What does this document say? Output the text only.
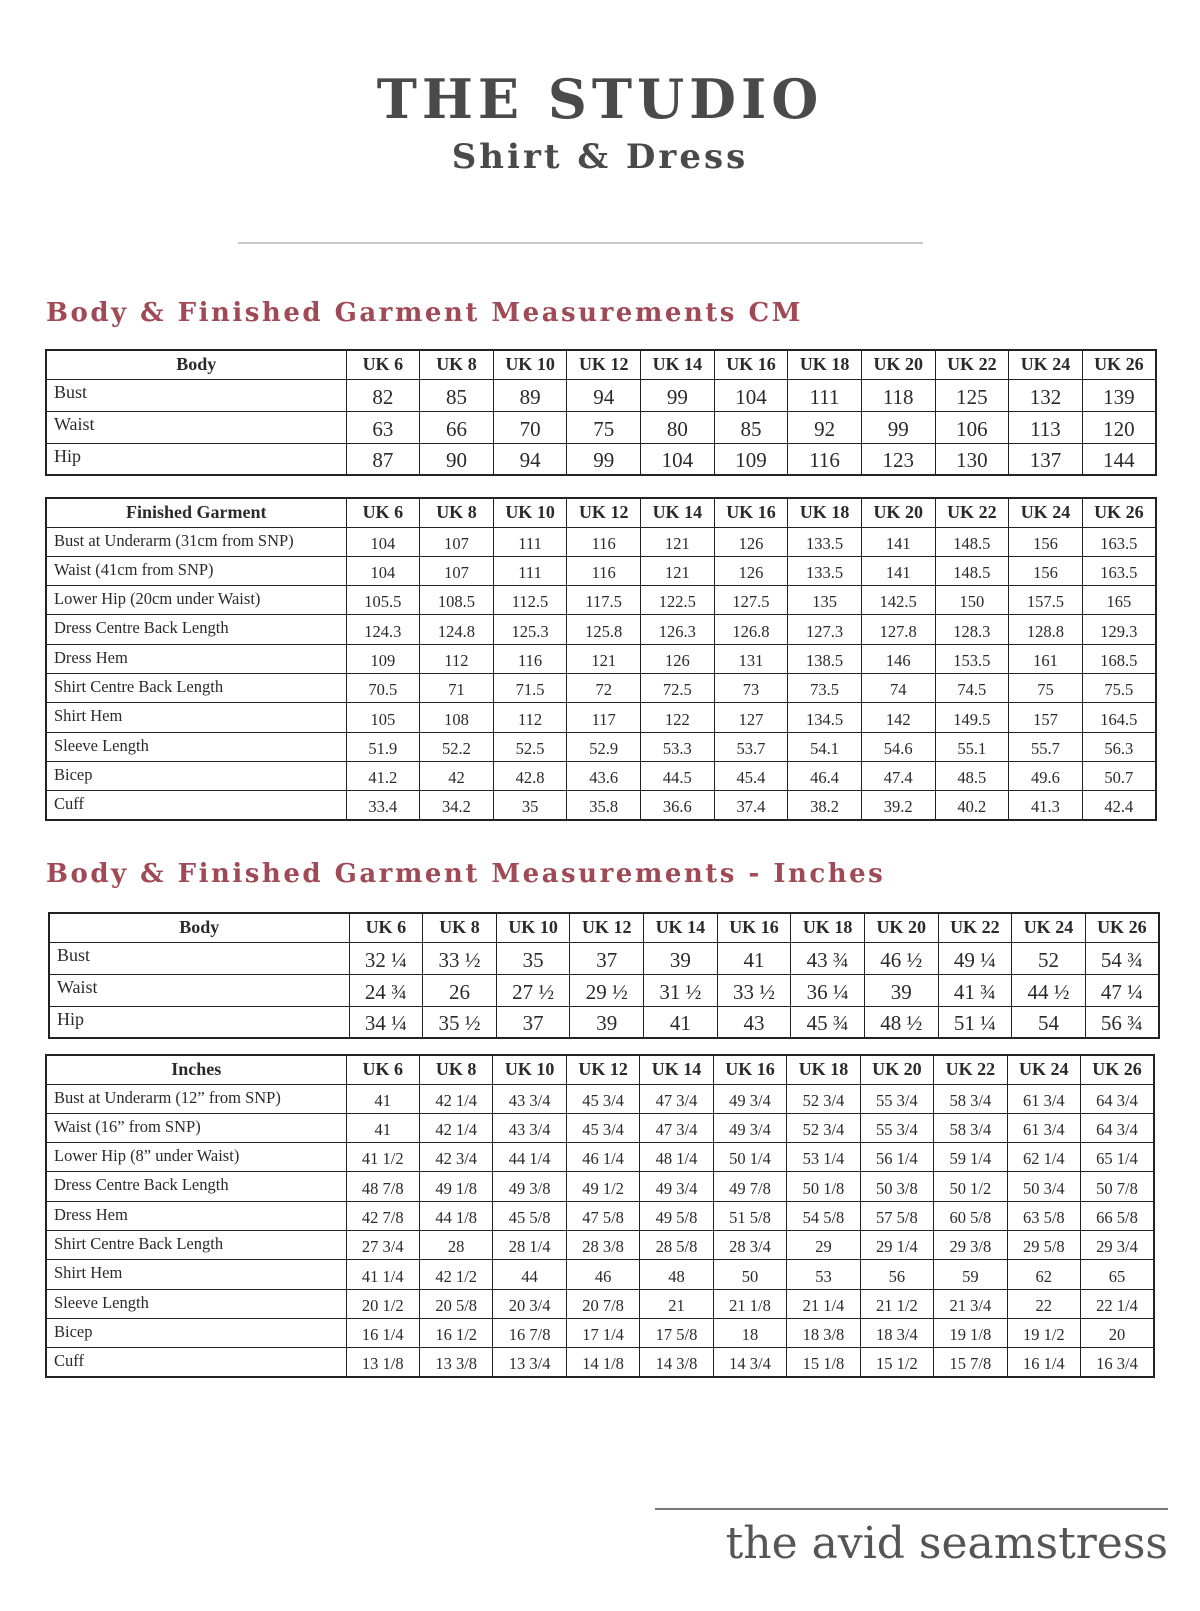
THE STUDIO
Shirt & Dress
Body & Finished Garment Measurements CM
Body	UK 6	UK 8	UK 10	UK 12	UK 14	UK 16	UK 18	UK 20	UK 22	UK 24	UK 26
Bust	82	85	89	94	99	104	111	118	125	132	139
Waist	63	66	70	75	80	85	92	99	106	113	120
Hip	87	90	94	99	104	109	116	123	130	137	144
Finished Garment	UK 6	UK 8	UK 10	UK 12	UK 14	UK 16	UK 18	UK 20	UK 22	UK 24	UK 26
Bust at Underarm (31cm from SNP)	104	107	111	116	121	126	133.5	141	148.5	156	163.5
Waist (41cm from SNP)	104	107	111	116	121	126	133.5	141	148.5	156	163.5
Lower Hip (20cm under Waist)	105.5	108.5	112.5	117.5	122.5	127.5	135	142.5	150	157.5	165
Dress Centre Back Length	124.3	124.8	125.3	125.8	126.3	126.8	127.3	127.8	128.3	128.8	129.3
Dress Hem	109	112	116	121	126	131	138.5	146	153.5	161	168.5
Shirt Centre Back Length	70.5	71	71.5	72	72.5	73	73.5	74	74.5	75	75.5
Shirt Hem	105	108	112	117	122	127	134.5	142	149.5	157	164.5
Sleeve Length	51.9	52.2	52.5	52.9	53.3	53.7	54.1	54.6	55.1	55.7	56.3
Bicep	41.2	42	42.8	43.6	44.5	45.4	46.4	47.4	48.5	49.6	50.7
Cuff	33.4	34.2	35	35.8	36.6	37.4	38.2	39.2	40.2	41.3	42.4
Body & Finished Garment Measurements - Inches
Body	UK 6	UK 8	UK 10	UK 12	UK 14	UK 16	UK 18	UK 20	UK 22	UK 24	UK 26
Bust	32 ¼	33 ½	35	37	39	41	43 ¾	46 ½	49 ¼	52	54 ¾
Waist	24 ¾	26	27 ½	29 ½	31 ½	33 ½	36 ¼	39	41 ¾	44 ½	47 ¼
Hip	34 ¼	35 ½	37	39	41	43	45 ¾	48 ½	51 ¼	54	56 ¾
Inches	UK 6	UK 8	UK 10	UK 12	UK 14	UK 16	UK 18	UK 20	UK 22	UK 24	UK 26
Bust at Underarm (12” from SNP)	41	42 1/4	43 3/4	45 3/4	47 3/4	49 3/4	52 3/4	55 3/4	58 3/4	61 3/4	64 3/4
Waist (16” from SNP)	41	42 1/4	43 3/4	45 3/4	47 3/4	49 3/4	52 3/4	55 3/4	58 3/4	61 3/4	64 3/4
Lower Hip (8” under Waist)	41 1/2	42 3/4	44 1/4	46 1/4	48 1/4	50 1/4	53 1/4	56 1/4	59 1/4	62 1/4	65 1/4
Dress Centre Back Length	48 7/8	49 1/8	49 3/8	49 1/2	49 3/4	49 7/8	50 1/8	50 3/8	50 1/2	50 3/4	50 7/8
Dress Hem	42 7/8	44 1/8	45 5/8	47 5/8	49 5/8	51 5/8	54 5/8	57 5/8	60 5/8	63 5/8	66 5/8
Shirt Centre Back Length	27 3/4	28	28 1/4	28 3/8	28 5/8	28 3/4	29	29 1/4	29 3/8	29 5/8	29 3/4
Shirt Hem	41 1/4	42 1/2	44	46	48	50	53	56	59	62	65
Sleeve Length	20 1/2	20 5/8	20 3/4	20 7/8	21	21 1/8	21 1/4	21 1/2	21 3/4	22	22 1/4
Bicep	16 1/4	16 1/2	16 7/8	17 1/4	17 5/8	18	18 3/8	18 3/4	19 1/8	19 1/2	20
Cuff	13 1/8	13 3/8	13 3/4	14 1/8	14 3/8	14 3/4	15 1/8	15 1/2	15 7/8	16 1/4	16 3/4
the avid seamstress
